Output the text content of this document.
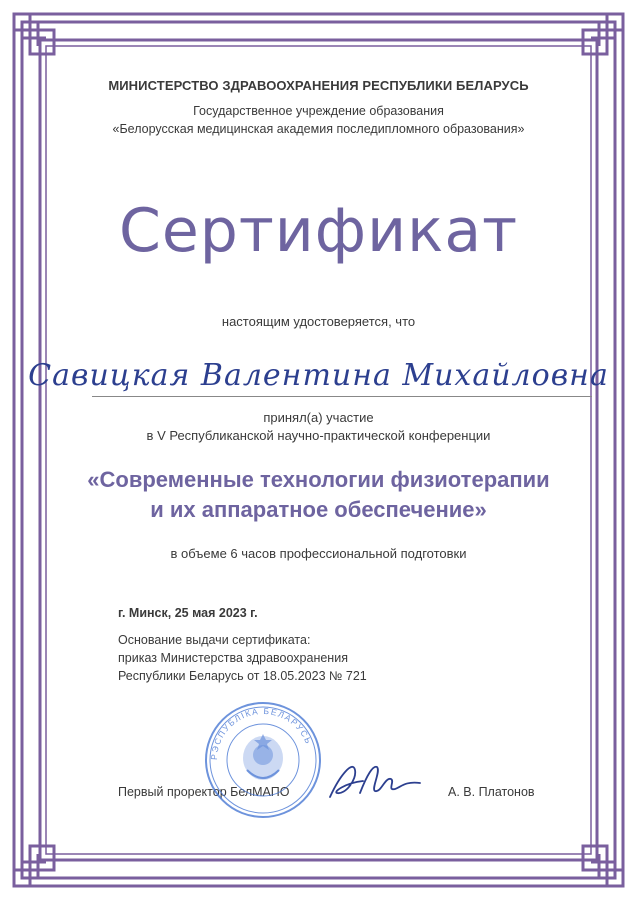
МИНИСТЕРСТВО ЗДРАВООХРАНЕНИЯ РЕСПУБЛИКИ БЕЛАРУСЬ
Государственное учреждение образования
«Белорусская медицинская академия последипломного образования»
Сертификат
настоящим удостоверяется, что
Савицкая Валентина Михайловна
принял(а) участие
в V Республиканской научно-практической конференции
«Современные технологии физиотерапии
и их аппаратное обеспечение»
в объеме 6 часов профессиональной подготовки
г. Минск, 25 мая 2023 г.
Основание выдачи сертификата:
приказ Министерства здравоохранения
Республики Беларусь от 18.05.2023 № 721
Первый проректор БелМАПО
РЭСПУБЛІКА БЕЛАРУСЬ
А. В. Платонов
